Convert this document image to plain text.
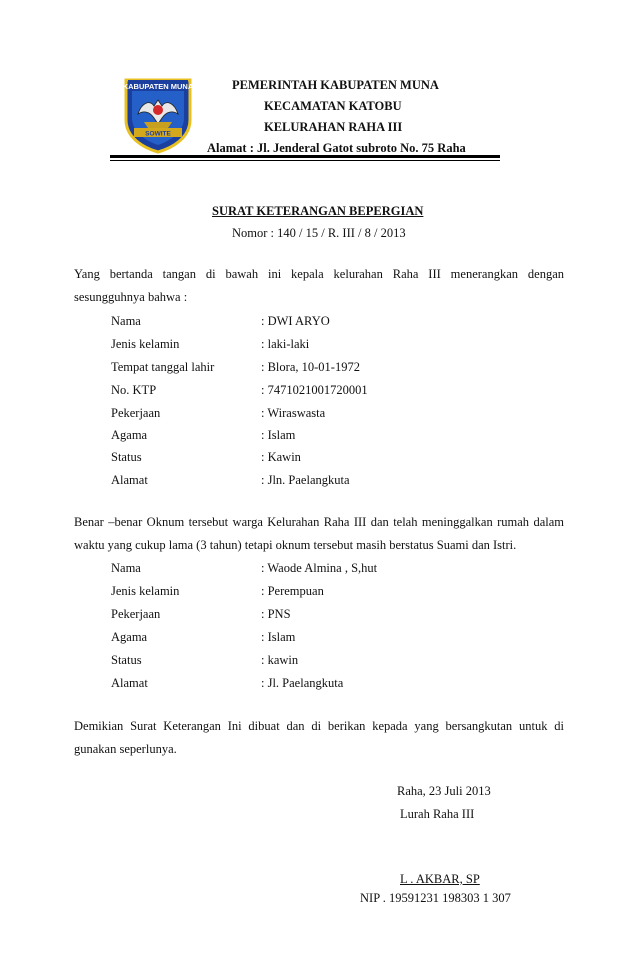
KABUPATEN MUNA
SOWITE
PEMERINTAH KABUPATEN MUNA
KECAMATAN KATOBU
KELURAHAN RAHA III
Alamat : Jl. Jenderal Gatot subroto No. 75 Raha
SURAT KETERANGAN BEPERGIAN
Nomor : 140 / 15 / R. III / 8 / 2013
Yang bertanda tangan di bawah ini kepala kelurahan Raha III menerangkan dengan
sesungguhnya bahwa :
Nama	: DWI ARYO
Jenis kelamin	: laki-laki
Tempat tanggal lahir	: Blora, 10-01-1972
No. KTP	: 7471021001720001
Pekerjaan	: Wiraswasta
Agama	: Islam
Status	: Kawin
Alamat	: Jln. Paelangkuta
Benar –benar Oknum tersebut warga Kelurahan Raha III dan telah meninggalkan rumah dalam
waktu yang cukup lama (3 tahun) tetapi oknum tersebut masih berstatus Suami dan Istri.
Nama	: Waode Almina , S,hut
Jenis kelamin	: Perempuan
Pekerjaan	: PNS
Agama	: Islam
Status	: kawin
Alamat	: Jl. Paelangkuta
Demikian Surat Keterangan Ini dibuat dan di berikan kepada yang bersangkutan untuk di
gunakan seperlunya.
Raha, 23 Juli 2013
Lurah Raha III
L . AKBAR, SP
NIP . 19591231 198303 1 307
